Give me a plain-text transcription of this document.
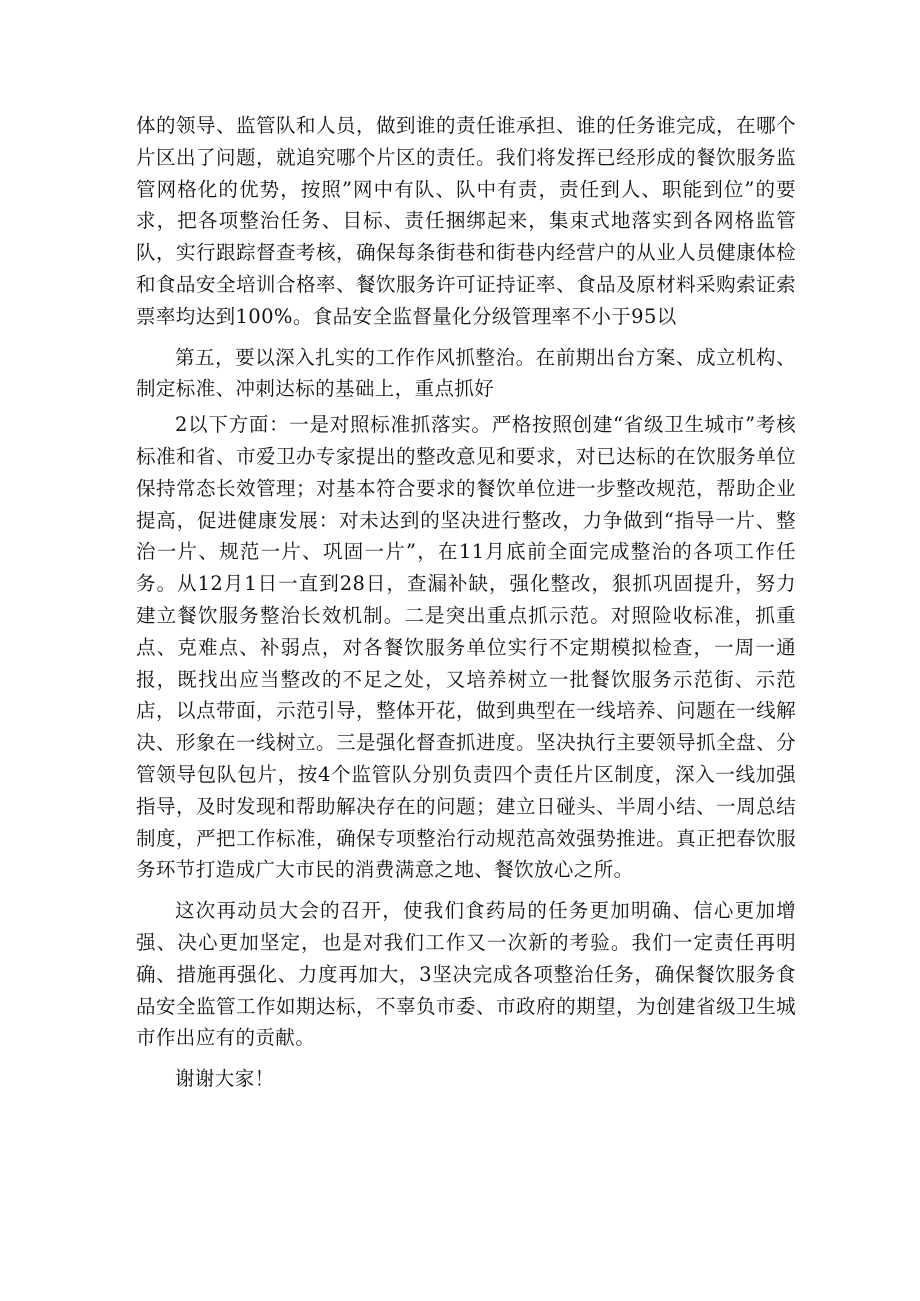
体的领导、监管队和人员，做到谁的责任谁承担、谁的任务谁完成，在哪个片区出了问题，就追究哪个片区的责任。我们将发挥已经形成的餐饮服务监管网格化的优势，按照”网中有队、队中有责，责任到人、职能到位”的要求，把各项整治任务、目标、责任捆绑起来，集束式地落实到各网格监管队，实行跟踪督查考核，确保每条街巷和街巷内经营户的从业人员健康体检和食品安全培训合格率、餐饮服务许可证持证率、食品及原材料采购索证索票率均达到100%。食品安全监督量化分级管理率不小于95以

第五，要以深入扎实的工作作风抓整治。在前期出台方案、成立机构、制定标准、冲刺达标的基础上，重点抓好

2以下方面：一是对照标准抓落实。严格按照创建“省级卫生城市”考核标准和省、市爱卫办专家提出的整改意见和要求，对已达标的在饮服务单位保持常态长效管理；对基本符合要求的餐饮单位进一步整改规范，帮助企业提高，促进健康发展：对未达到的坚决进行整改，力争做到“指导一片、整治一片、规范一片、巩固一片”，在11月底前全面完成整治的各项工作任务。从12月1日一直到28日，查漏补缺，强化整改，狠抓巩固提升，努力建立餐饮服务整治长效机制。二是突出重点抓示范。对照险收标准，抓重点、克难点、补弱点，对各餐饮服务单位实行不定期模拟检查，一周一通报，既找出应当整改的不足之处，又培养树立一批餐饮服务示范街、示范店，以点带面，示范引导，整体开花，做到典型在一线培养、问题在一线解决、形象在一线树立。三是强化督查抓进度。坚决执行主要领导抓全盘、分管领导包队包片，按4个监管队分别负责四个责任片区制度，深入一线加强指导，及时发现和帮助解决存在的问题；建立日碰头、半周小结、一周总结制度，严把工作标准，确保专项整治行动规范高效强势推进。真正把春饮服务环节打造成广大市民的消费满意之地、餐饮放心之所。

这次再动员大会的召开，使我们食药局的任务更加明确、信心更加增强、决心更加坚定，也是对我们工作又一次新的考验。我们一定责任再明确、措施再强化、力度再加大，3坚决完成各项整治任务，确保餐饮服务食品安全监管工作如期达标，不辜负市委、市政府的期望，为创建省级卫生城市作出应有的贡献。

谢谢大家！
